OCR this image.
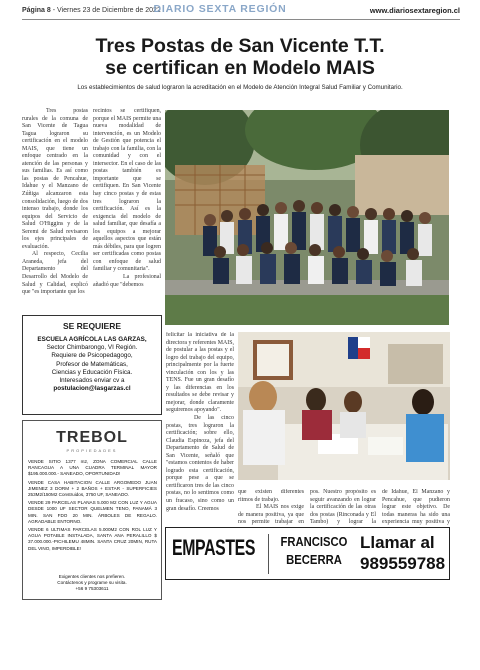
Página 8 - Viernes 23 de Diciembre de 2022
DIARIO SEXTA REGIÓN	www.diariosextaregion.cl
Tres Postas de San Vicente T.T.
se certifican en Modelo MAIS
Los establecimientos de salud lograron la acreditación en el Modelo de Atención Integral Salud Familiar y Comunitario.

Tres postas rurales de la comuna de San Vicente de Tagua Tagua lograron su certificación en el modelo MAIS, que tiene un enfoque centrado en la atención de las personas y sus familias. Es así como las postas de Pencahue, Idahue y el Manzano de Zúñiga alcanzaron esta consolidación, luego de dos intenso trabajo, donde los equipos del Servicio de Salud O'Higgins y de la Seremi de Salud revisaron los ejes principales de evaluación.

Al respecto, Cecilia Araneda, jefa del Departamento del Desarrollo del Modelo de Salud y Calidad, explicó que "es importante que los

recintos se certifiquen, porque el MAIS permite una nueva modalidad de intervención, es un Modelo de Gestión que potencia el trabajo con la familia, con la comunidad y con el intersector. En el caso de las postas también es importante que se certifiquen. En San Vicente hay cinco postas y de estas tres lograron la certificación. Así es la exigencia del modelo de salud familiar, que desafía a los equipos a mejorar aquellos aspectos que están más débiles, para que logren ser certificadas como postas con enfoque de salud familiar y comunitaria".

La profesional añadió que "debemos

SE REQUIERE
ESCUELA AGRÍCOLA LAS GARZAS,
Sector Chimbarongo, VI Región.
Requiere de Psicopedagogo,
Profesor de Matemáticas,
Ciencias y Educación Física.
Interesados enviar cv a
postulacion@lasgarzas.cl
TREBOL
PROPIEDADES

VENDE SITIO 1377 m2, ZONA COMERCIAL CALLE RANCAGUA A UNA CUADRA TERMINAL MAYOR $195.000.000.- SANEADO, OPORTUNIDAD!

VENDE CASA HABITACION CALLE ARGOMEDO JUAN JIMENEZ 3 DORM + 2 BAÑOS + ESTAR - SUPERFICIES 253M2/150M2 Construidos, 3750 UF, SANEADO.

VENDE 29 PARCELAS PLANAS 5.000 M2 CON LUZ Y AGUA DESDE 1000 UF SECTOR QUELMEN TENO, PANAMÁ 3 MIN. SAN FDO 20 MIN. ÁRBOLES DE REGALO. AGRADABLE ENTORNO.

VENDE 6 ULTIMAS PARCELAS 5.000M2 CON ROL LUZ Y AGUA POTABLE INSTALADA, SANTA ANA PERALILLO $ 37.000.000.-PICHILEMU 48MIN. SANTA CRUZ 20MIN, RUTA DEL VINO, IMPERDIBLE!

Exigentes clientes nos prefieren.
Contáctenos y programe su visita.
+56 9 75303611

felicitar la iniciativa de la directora y referentes MAIS, de postular a las postas y el logro del trabajo del equipo, principalmente por la fuerte vinculación con los y las TENS. Fue un gran desafío y las diferencias en los resultados se debe revisar y mejorar, donde claramente seguiremos apoyando".

De las cinco postas, tres lograron la certificación; sobre ello, Claudia Espinoza, jefa del Departamento de Salud de San Vicente, señaló que "estamos contentos de haber logrado esta certificación, porque pese a que se certificaron tres de las cinco postas, no lo sentimos como un fracaso, sino como un gran desafío. Creemos

que existen diferentes ritmos de trabajo.

El MAIS nos exige de manera positiva, ya que nos permite trabajar en

pos. Nuestro propósito es seguir avanzando en lograr la certificación de las otras dos postas (Rinconada y El Tambo) y lograr la

de Idahue, El Manzano y Pencahue, que pudieron lograr este objetivo. De todas maneras ha sido una experiencia muy positiva y

EMPASTES FRANCISCO
BECERRA
Llamar al
989559788
